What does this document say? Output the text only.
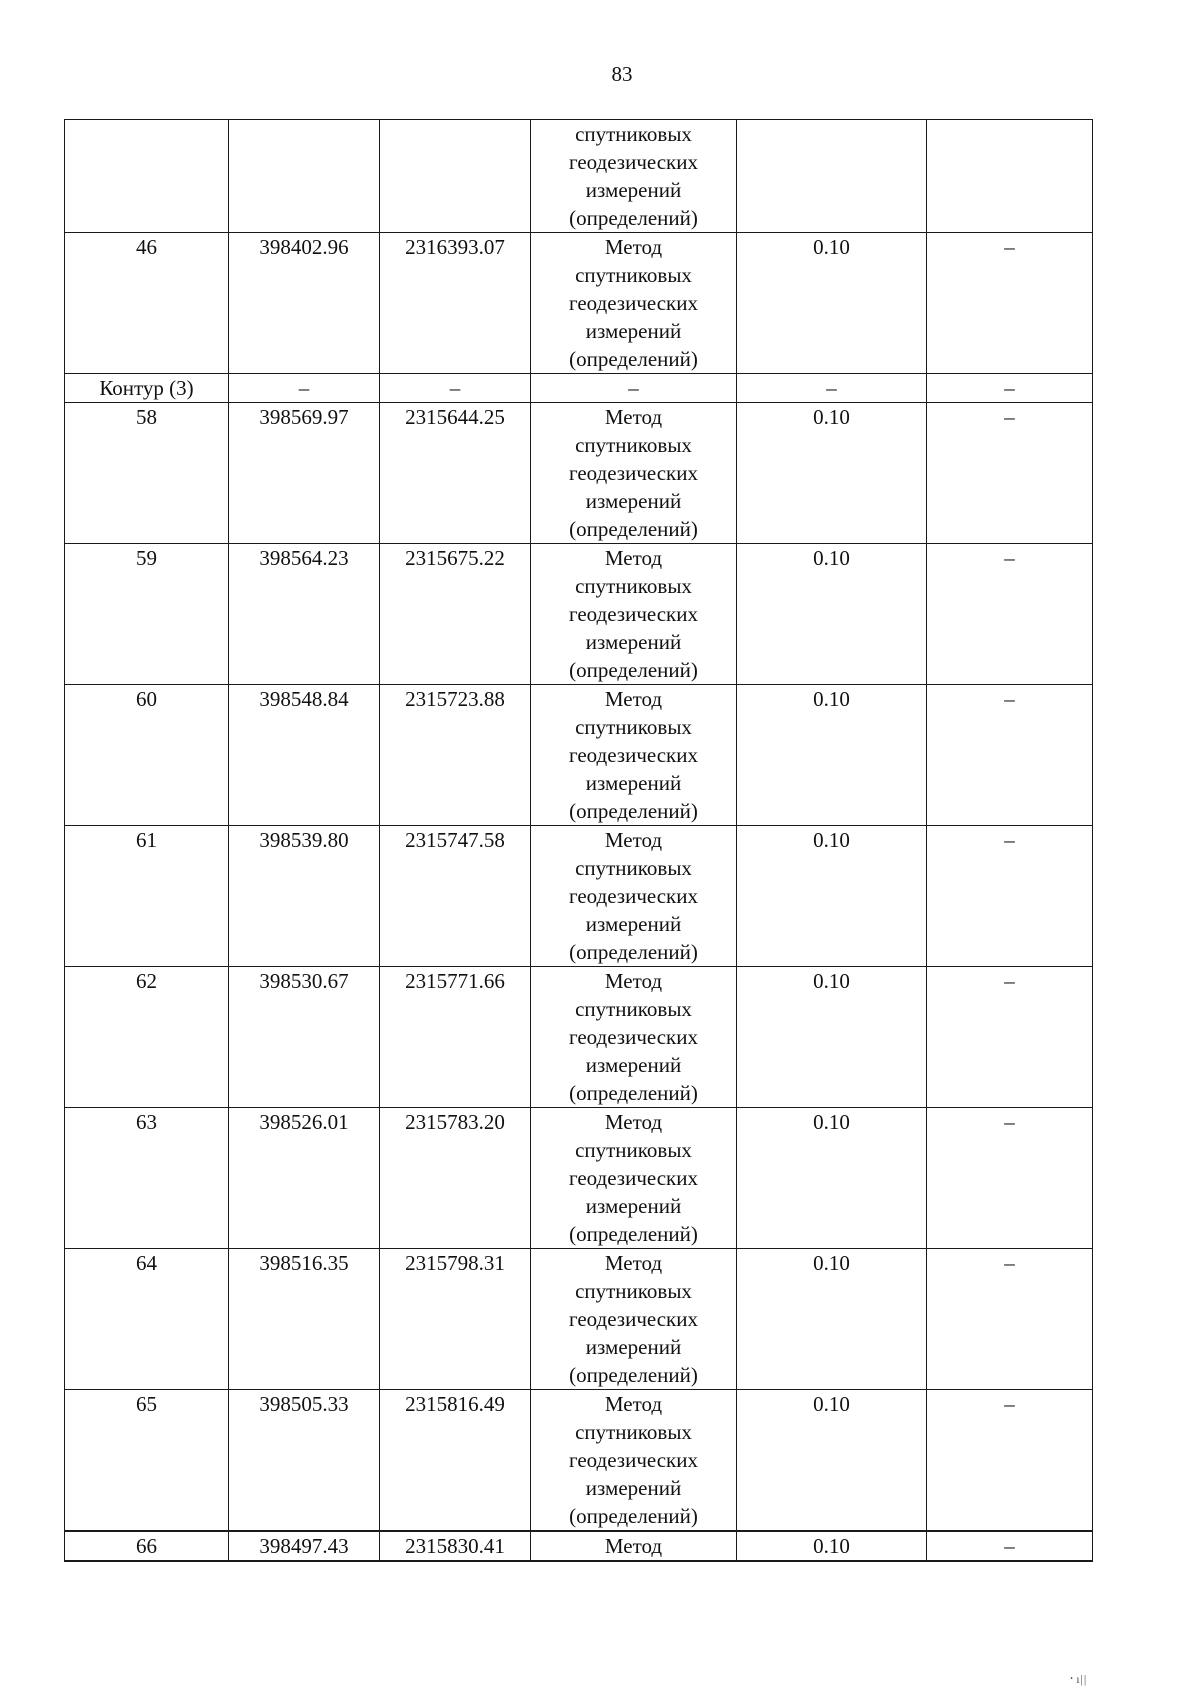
83

			спутниковых
геодезических
измерений
(определений)		

46	398402.96	2316393.07	Метод
спутниковых
геодезических
измерений
(определений)	0.10	–
Контур (3)	–	–	–	–	–
58	398569.97	2315644.25	Метод
спутниковых
геодезических
измерений
(определений)	0.10	–
59	398564.23	2315675.22	Метод
спутниковых
геодезических
измерений
(определений)	0.10	–
60	398548.84	2315723.88	Метод
спутниковых
геодезических
измерений
(определений)	0.10	–
61	398539.80	2315747.58	Метод
спутниковых
геодезических
измерений
(определений)	0.10	–
62	398530.67	2315771.66	Метод
спутниковых
геодезических
измерений
(определений)	0.10	–
63	398526.01	2315783.20	Метод
спутниковых
геодезических
измерений
(определений)	0.10	–
64	398516.35	2315798.31	Метод
спутниковых
геодезических
измерений
(определений)	0.10	–
65	398505.33	2315816.49	Метод
спутниковых
геодезических
измерений
(определений)	0.10	–
66	398497.43	2315830.41	Метод	0.10	–
᛫ı||
